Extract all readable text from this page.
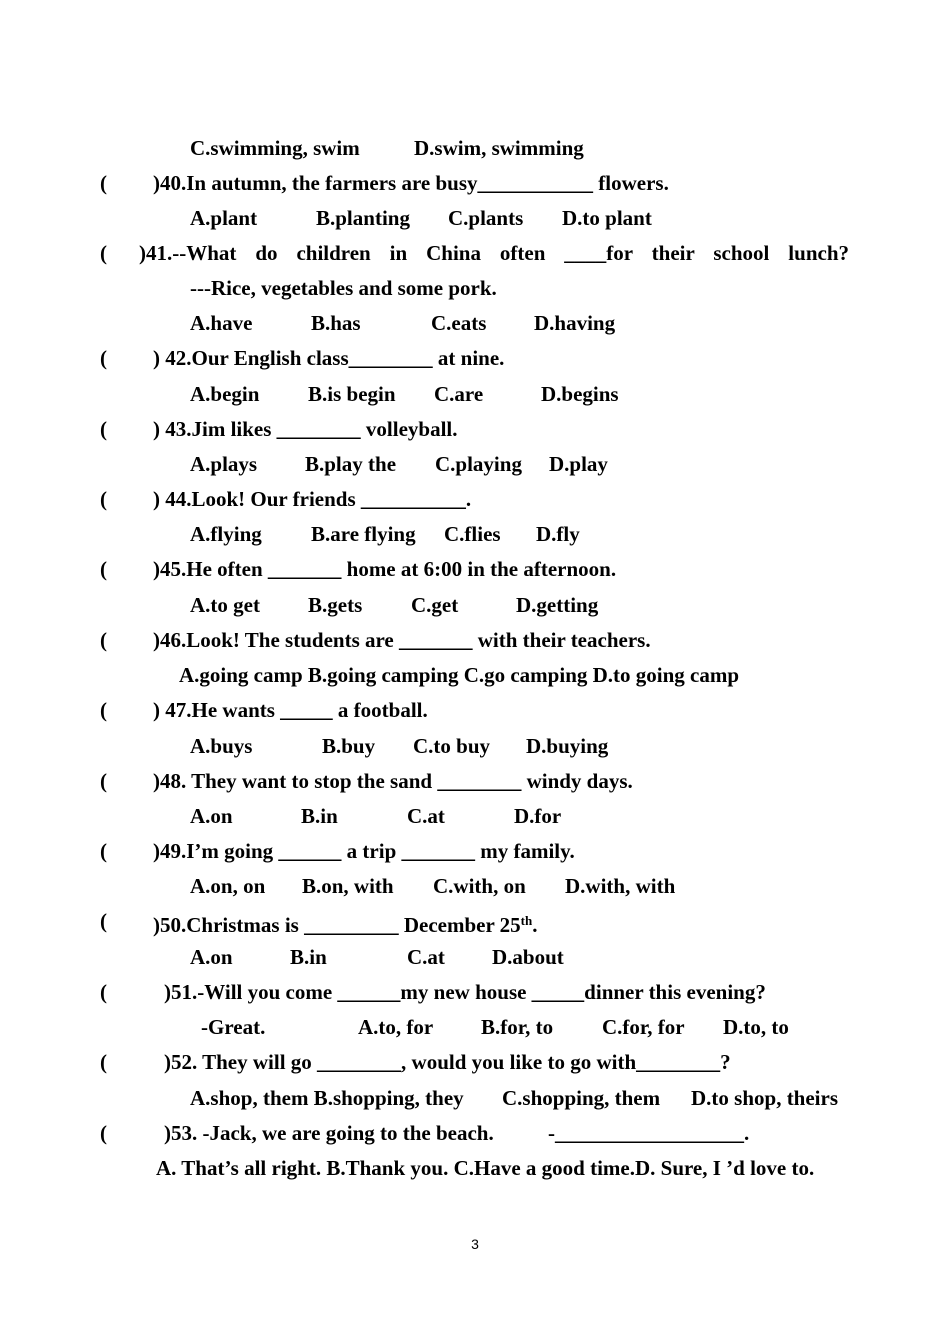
C.swimming, swim	D.swim, swimming
( )40.In autumn, the farmers are busy___________ flowers.
A.plant	B.planting C.plants D.to plant
( )41.--What do children in China often ____for their school lunch?
---Rice, vegetables and some pork.
A.have	B.has	C.eats D.having
( ) 42.Our English class________ at nine.
A.begin B.is begin C.are	D.begins
( ) 43.Jim likes ________ volleyball.
A.plays B.play the C.playing D.play
( ) 44.Look! Our friends __________.
A.flying B.are flying C.flies D.fly
( )45.He often _______ home at 6:00 in the afternoon.
A.to get B.gets C.get	D.getting
( )46.Look! The students are _______ with their teachers.
A.going camp B.going camping C.go camping D.to going camp
( ) 47.He wants _____ a football.
A.buys	B.buy C.to buy D.buying
( )48. They want to stop the sand ________ windy days.
A.on	B.in	C.at	D.for
( )49.I’m going ______ a trip _______ my family.
A.on, on B.on, with C.with, on D.with, with
( )50.Christmas is _________ December 25th.
A.on	B.in	C.at D.about
(	)51.-Will you come ______my new house _____dinner this evening?
-Great.	A.to, for B.for, to C.for, for D.to, to
(	)52. They will go ________, would you like to go with________?
A.shop, them B.shopping, they C.shopping, them D.to shop, theirs
(	)53. -Jack, we are going to the beach.	-__________________.
A. That’s all right. B.Thank you. C.Have a good time.D. Sure, I ’d love to.
3
